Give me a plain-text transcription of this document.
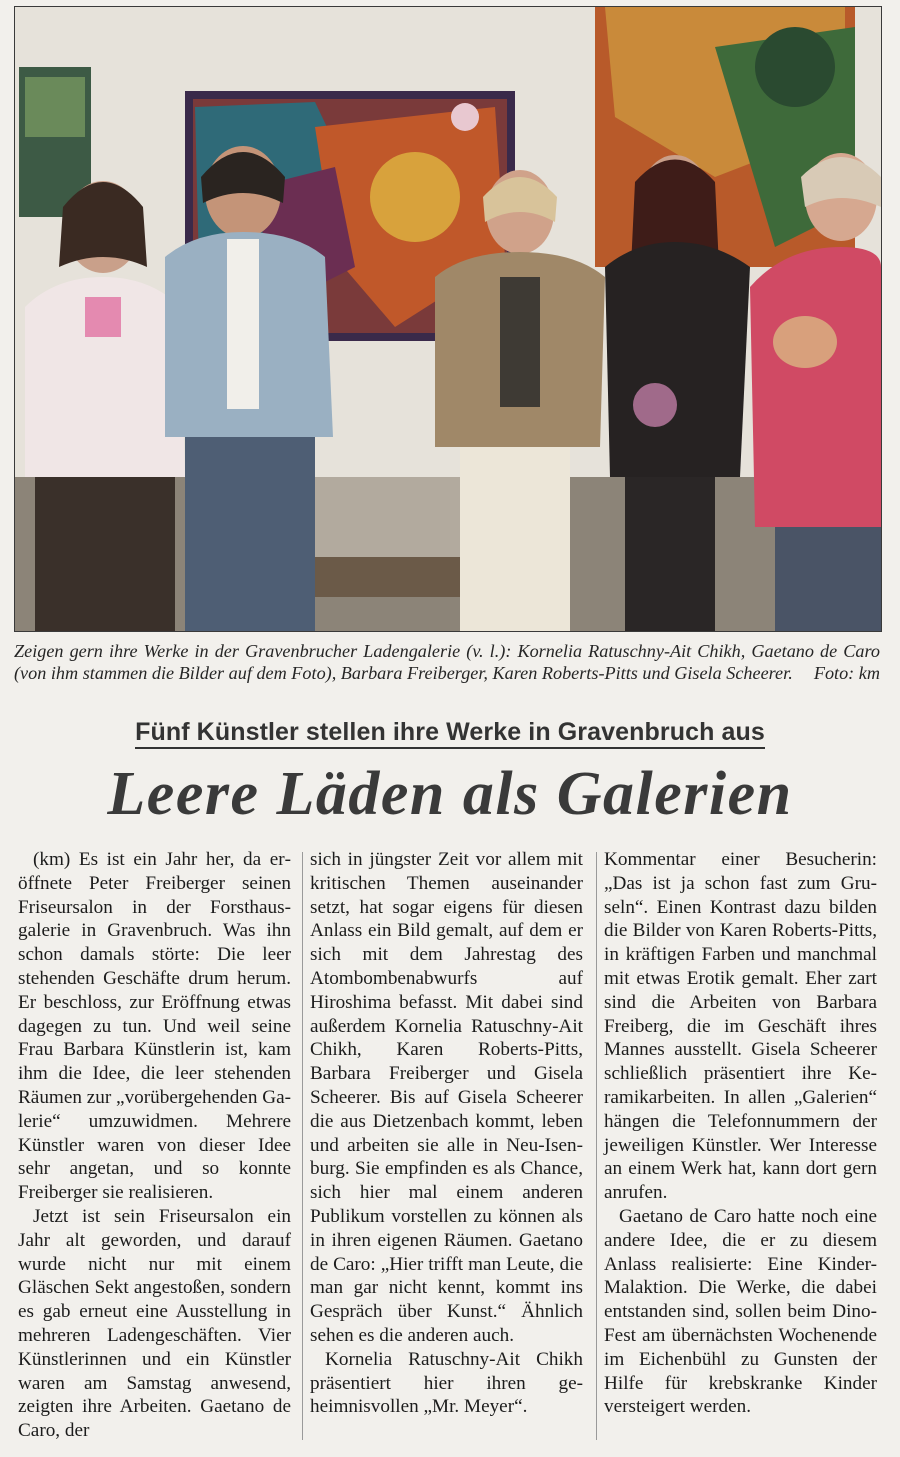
Zeigen gern ihre Werke in der Gravenbrucher Ladengalerie (v. l.): Kornelia Ratuschny-Ait Chikh, Gaetano de Caro (von ihm stammen die Bilder auf dem Foto), Barbara Freiberger, Karen Roberts-Pitts und Gisela Scheerer. Foto: km
Fünf Künstler stellen ihre Werke in Gravenbruch aus
Leere Läden als Galerien

(km) Es ist ein Jahr her, da eröffnete Peter Freiberger seinen Friseursalon in der Forsthausgalerie in Gravenbruch. Was ihn schon damals störte: Die leer stehenden Geschäfte drum herum. Er beschloss, zur Eröffnung etwas dagegen zu tun. Und weil seine Frau Barbara Künstlerin ist, kam ihm die Idee, die leer stehenden Räumen zur „vorübergehenden Galerie“ umzuwidmen. Mehrere Künstler waren von dieser Idee sehr angetan, und so konnte Freiberger sie realisieren.

Jetzt ist sein Friseursalon ein Jahr alt geworden, und darauf wurde nicht nur mit einem Gläschen Sekt angestoßen, sondern es gab erneut eine Ausstellung in mehreren Ladengeschäften. Vier Künstlerinnen und ein Künstler waren am Samstag anwesend, zeigten ihre Arbeiten. Gaetano de Caro, der

sich in jüngster Zeit vor allem mit kritischen Themen auseinander setzt, hat sogar eigens für diesen Anlass ein Bild gemalt, auf dem er sich mit dem Jahrestag des Atombombenabwurfs auf Hiroshima befasst. Mit dabei sind außerdem Kornelia Ratuschny-Ait Chikh, Karen Roberts-Pitts, Barbara Freiberger und Gisela Scheerer. Bis auf Gisela Scheerer die aus Dietzenbach kommt, leben und arbeiten sie alle in Neu-Isenburg. Sie empfinden es als Chance, sich hier mal einem anderen Publikum vorstellen zu können als in ihren eigenen Räumen. Gaetano de Caro: „Hier trifft man Leute, die man gar nicht kennt, kommt ins Gespräch über Kunst.“ Ähnlich sehen es die anderen auch.

Kornelia Ratuschny-Ait Chikh präsentiert hier ihren geheimnisvollen „Mr. Meyer“.

Kommentar einer Besucherin: „Das ist ja schon fast zum Gruseln“. Einen Kontrast dazu bilden die Bilder von Karen Roberts-Pitts, in kräftigen Farben und manchmal mit etwas Erotik gemalt. Eher zart sind die Arbeiten von Barbara Freiberg, die im Geschäft ihres Mannes ausstellt. Gisela Scheerer schließlich präsentiert ihre Keramikarbeiten. In allen „Galerien“ hängen die Telefonnummern der jeweiligen Künstler. Wer Interesse an einem Werk hat, kann dort gern anrufen.

Gaetano de Caro hatte noch eine andere Idee, die er zu diesem Anlass realisierte: Eine Kinder-Malaktion. Die Werke, die dabei entstanden sind, sollen beim Dino-Fest am übernächsten Wochenende im Eichenbühl zu Gunsten der Hilfe für krebskranke Kinder versteigert werden.
